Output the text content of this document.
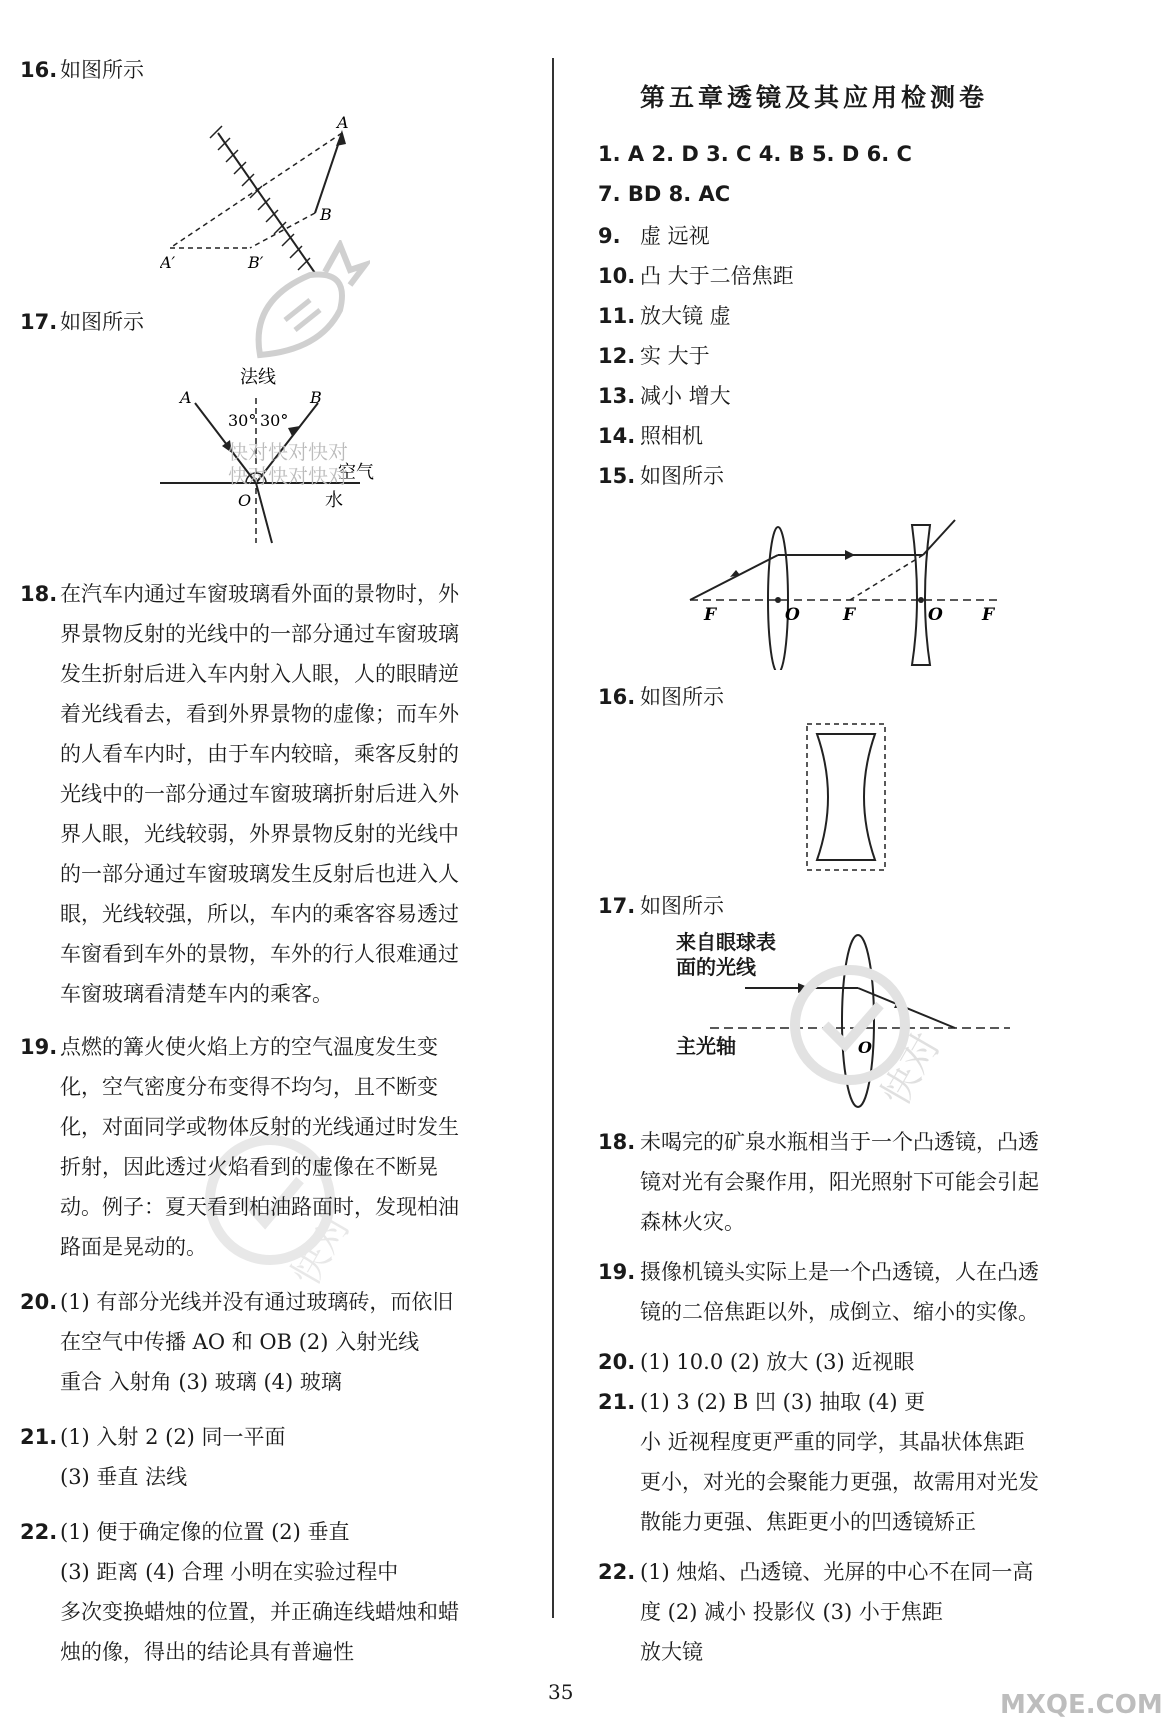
A
B
A′	B′
A	B
法线
30° 30°
O
空气
水
快对快对快对
快对快对快对
第五章透镜及其应用检测卷
F	O	F	O F
O
来自眼球表
面的光线
主光轴	快对
快对
MXQE.COM
35
16. 如图所示
17. 如图所示
18. 在汽车内通过车窗玻璃看外面的景物时，外
界景物反射的光线中的一部分通过车窗玻璃
发生折射后进入车内射入人眼，人的眼睛逆
着光线看去，看到外界景物的虚像；而车外
的人看车内时，由于车内较暗，乘客反射的
光线中的一部分通过车窗玻璃折射后进入外
界人眼，光线较弱，外界景物反射的光线中
的一部分通过车窗玻璃发生反射后也进入人
眼，光线较强，所以，车内的乘客容易透过
车窗看到车外的景物，车外的行人很难通过
车窗玻璃看清楚车内的乘客。
19. 点燃的篝火使火焰上方的空气温度发生变
化，空气密度分布变得不均匀，且不断变
化，对面同学或物体反射的光线通过时发生
折射，因此透过火焰看到的虚像在不断晃
动。例子：夏天看到柏油路面时，发现柏油
路面是晃动的。
20. (1) 有部分光线并没有通过玻璃砖，而依旧
在空气中传播 AO 和 OB (2) 入射光线
重合 入射角 (3) 玻璃 (4) 玻璃
21. (1) 入射 2 (2) 同一平面
(3) 垂直 法线
22. (1) 便于确定像的位置 (2) 垂直
(3) 距离 (4) 合理 小明在实验过程中
多次变换蜡烛的位置，并正确连线蜡烛和蜡
烛的像，得出的结论具有普遍性
1. A 2. D 3. C 4. B 5. D 6. C
7. BD 8. AC
9. 虚 远视
10. 凸 大于二倍焦距
11. 放大镜 虚
12. 实 大于
13. 减小 增大
14. 照相机
15. 如图所示
16. 如图所示
17. 如图所示
18. 未喝完的矿泉水瓶相当于一个凸透镜，凸透
镜对光有会聚作用，阳光照射下可能会引起
森林火灾。
19. 摄像机镜头实际上是一个凸透镜，人在凸透
镜的二倍焦距以外，成倒立、缩小的实像。
20. (1) 10.0 (2) 放大 (3) 近视眼
21. (1) 3 (2) B 凹 (3) 抽取 (4) 更
小 近视程度更严重的同学，其晶状体焦距
更小，对光的会聚能力更强，故需用对光发
散能力更强、焦距更小的凹透镜矫正
22. (1) 烛焰、凸透镜、光屏的中心不在同一高
度 (2) 减小 投影仪 (3) 小于焦距
放大镜
